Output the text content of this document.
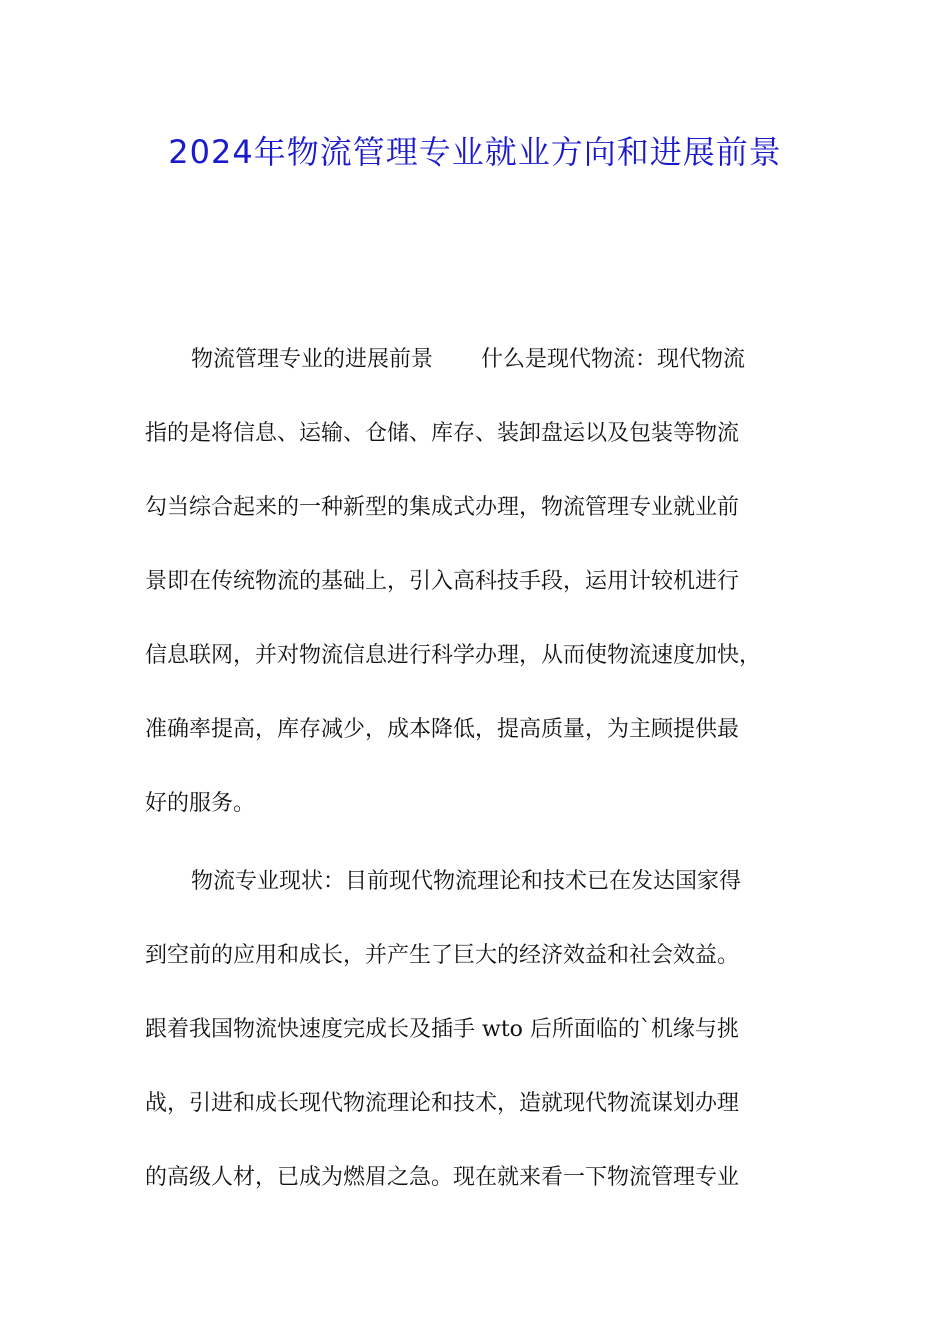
2024年物流管理专业就业方向和进展前景
物流管理专业的进展前景 什么是现代物流：现代物流
指的是将信息、运输、仓储、库存、装卸盘运以及包装等物流
勾当综合起来的一种新型的集成式办理，物流管理专业就业前
景即在传统物流的基础上，引入高科技手段，运用计较机进行
信息联网，并对物流信息进行科学办理，从而使物流速度加快，
准确率提高，库存减少，成本降低，提高质量，为主顾提供最
好的服务。
物流专业现状：目前现代物流理论和技术已在发达国家得
到空前的应用和成长，并产生了巨大的经济效益和社会效益。
跟着我国物流快速度完成长及插手 wto 后所面临的`机缘与挑
战，引进和成长现代物流理论和技术，造就现代物流谋划办理
的高级人材，已成为燃眉之急。现在就来看一下物流管理专业
